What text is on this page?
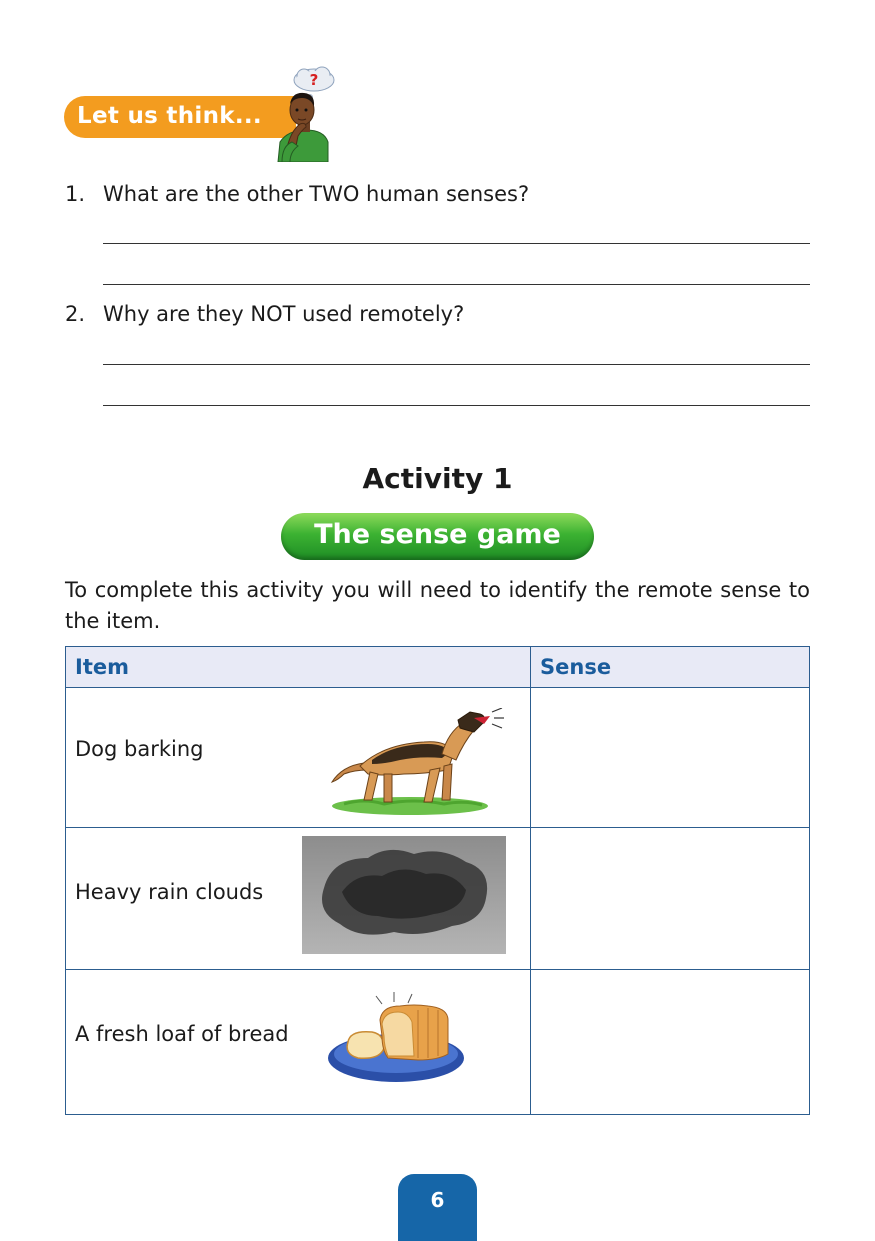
Let us think...
?
1. What are the other TWO human senses?
2. Why are they NOT used remotely?
Activity 1
The sense game
To complete this activity you will need to identify the remote sense to the item.
Item	Sense

Dog barking	

Heavy rain clouds	

A fresh loaf of bread	

6
